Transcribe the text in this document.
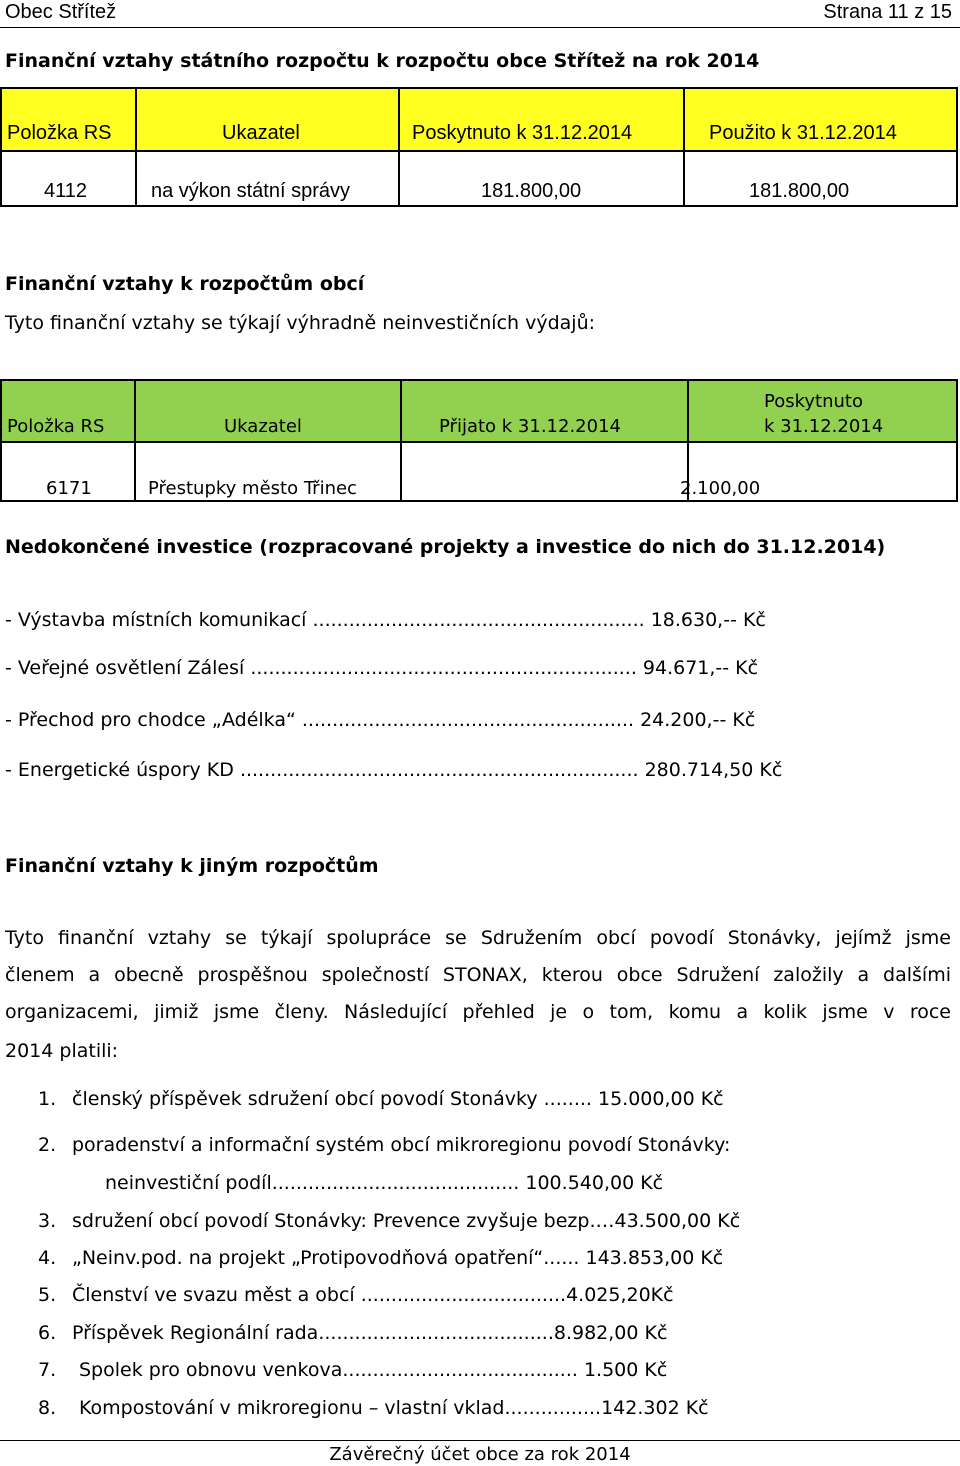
Obec Střítež	Strana 11 z 15
Finanční vztahy státního rozpočtu k rozpočtu obce Střítež na rok 2014
Položka RS	Ukazatel	Poskytnuto k 31.12.2014	Použito k 31.12.2014

4112	na výkon státní správy	181.800,00	181.800,00
Finanční vztahy k rozpočtům obcí
Tyto finanční vztahy se týkají výhradně neinvestičních výdajů:
Položka RS	Ukazatel	Přijato k 31.12.2014	Poskytnuto
k 31.12.2014

6171	Přestupky město Třinec		2.100,00
Nedokončené investice (rozpracované projekty a investice do nich do 31.12.2014)
- Výstavba místních komunikací ....................................................... 18.630,-- Kč
- Veřejné osvětlení Zálesí ................................................................ 94.671,-- Kč
- Přechod pro chodce „Adélka“ ....................................................... 24.200,-- Kč
- Energetické úspory KD .................................................................. 280.714,50 Kč
Finanční vztahy k jiným rozpočtům
Tyto finanční vztahy se týkají spolupráce se Sdružením obcí povodí Stonávky, jejímž jsme
členem a obecně prospěšnou společností STONAX, kterou obce Sdružení založily a dalšími
organizacemi, jimiž jsme členy. Následující přehled je o tom, komu a kolik jsme v roce
2014 platili:
1. členský příspěvek sdružení obcí povodí Stonávky ........ 15.000,00 Kč
2. poradenství a informační systém obcí mikroregionu povodí Stonávky:
neinvestiční podíl......................................... 100.540,00 Kč
3. sdružení obcí povodí Stonávky: Prevence zvyšuje bezp.…43.500,00 Kč
4. „Neinv.pod. na projekt „Protipovodňová opatření“...... 143.853,00 Kč
5. Členství ve svazu měst a obcí ..................................4.025,20Kč
6. Příspěvek Regionální rada.......................................8.982,00 Kč
7. Spolek pro obnovu venkova....................................... 1.500 Kč
8. Kompostování v mikroregionu – vlastní vklad................142.302 Kč
Závěrečný účet obce za rok 2014
